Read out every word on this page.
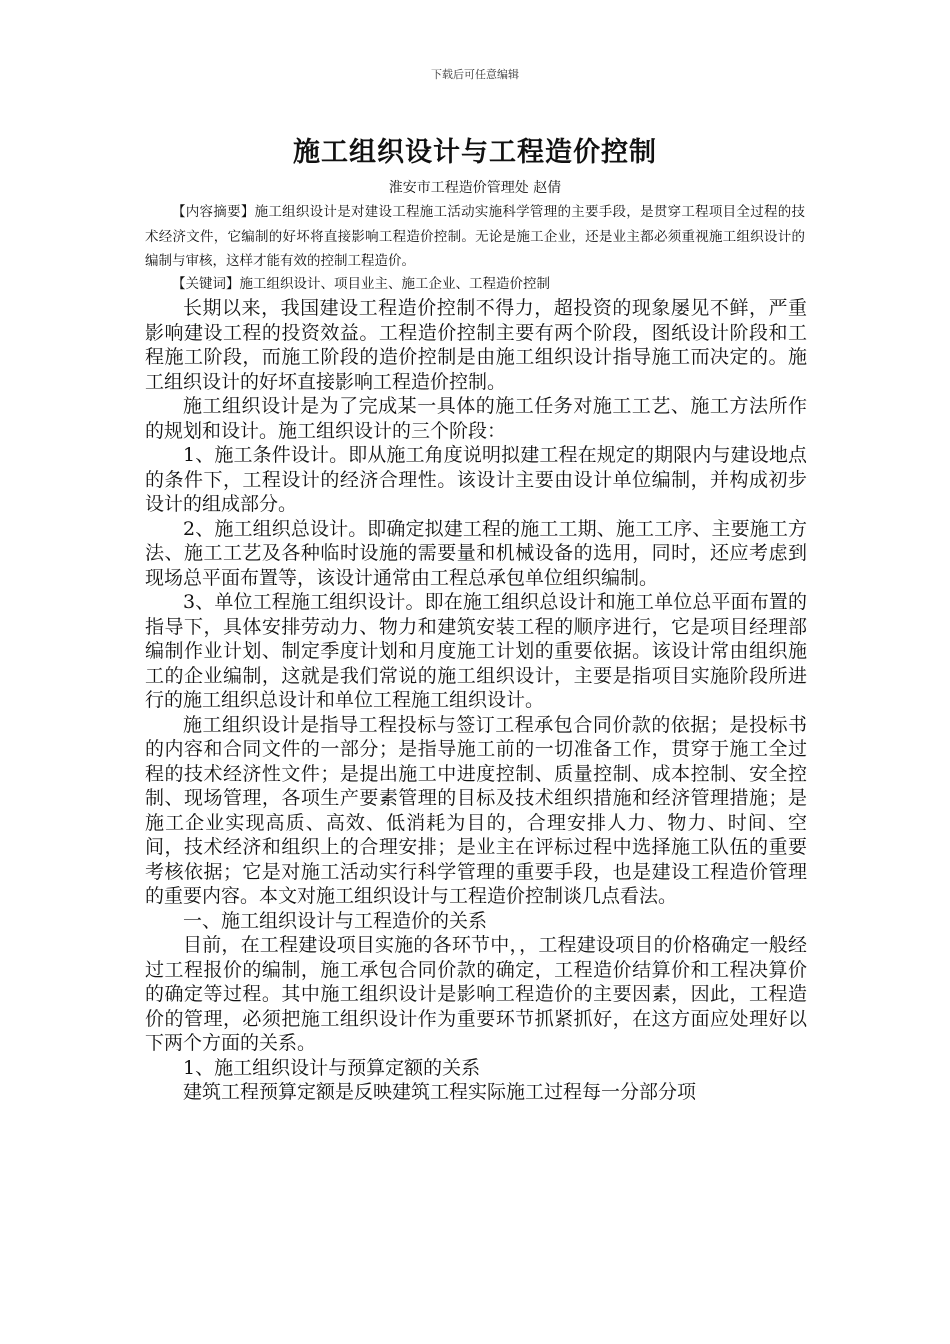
下载后可任意编辑
施工组织设计与工程造价控制
淮安市工程造价管理处 赵倩

【内容摘要】施工组织设计是对建设工程施工活动实施科学管理的主要手段，是贯穿工程项目全过程的技术经济文件，它编制的好坏将直接影响工程造价控制。无论是施工企业，还是业主都必须重视施工组织设计的编制与审核，这样才能有效的控制工程造价。

【关键词】施工组织设计、项目业主、施工企业、工程造价控制

长期以来，我国建设工程造价控制不得力，超投资的现象屡见不鲜，严重影响建设工程的投资效益。工程造价控制主要有两个阶段，图纸设计阶段和工程施工阶段，而施工阶段的造价控制是由施工组织设计指导施工而决定的。施工组织设计的好坏直接影响工程造价控制。

施工组织设计是为了完成某一具体的施工任务对施工工艺、施工方法所作的规划和设计。施工组织设计的三个阶段：

1、施工条件设计。即从施工角度说明拟建工程在规定的期限内与建设地点的条件下，工程设计的经济合理性。该设计主要由设计单位编制，并构成初步设计的组成部分。

2、施工组织总设计。即确定拟建工程的施工工期、施工工序、主要施工方法、施工工艺及各种临时设施的需要量和机械设备的选用，同时，还应考虑到现场总平面布置等，该设计通常由工程总承包单位组织编制。

3、单位工程施工组织设计。即在施工组织总设计和施工单位总平面布置的指导下，具体安排劳动力、物力和建筑安装工程的顺序进行，它是项目经理部编制作业计划、制定季度计划和月度施工计划的重要依据。该设计常由组织施工的企业编制，这就是我们常说的施工组织设计，主要是指项目实施阶段所进行的施工组织总设计和单位工程施工组织设计。

施工组织设计是指导工程投标与签订工程承包合同价款的依据；是投标书的内容和合同文件的一部分；是指导施工前的一切准备工作，贯穿于施工全过程的技术经济性文件；是提出施工中进度控制、质量控制、成本控制、安全控制、现场管理，各项生产要素管理的目标及技术组织措施和经济管理措施；是施工企业实现高质、高效、低消耗为目的，合理安排人力、物力、时间、空间，技术经济和组织上的合理安排；是业主在评标过程中选择施工队伍的重要考核依据；它是对施工活动实行科学管理的重要手段，也是建设工程造价管理的重要内容。本文对施工组织设计与工程造价控制谈几点看法。

一、施工组织设计与工程造价的关系

目前，在工程建设项目实施的各环节中，，工程建设项目的价格确定一般经过工程报价的编制，施工承包合同价款的确定，工程造价结算价和工程决算价的确定等过程。其中施工组织设计是影响工程造价的主要因素，因此，工程造价的管理，必须把施工组织设计作为重要环节抓紧抓好，在这方面应处理好以下两个方面的关系。

1、施工组织设计与预算定额的关系

建筑工程预算定额是反映建筑工程实际施工过程每一分部分项
